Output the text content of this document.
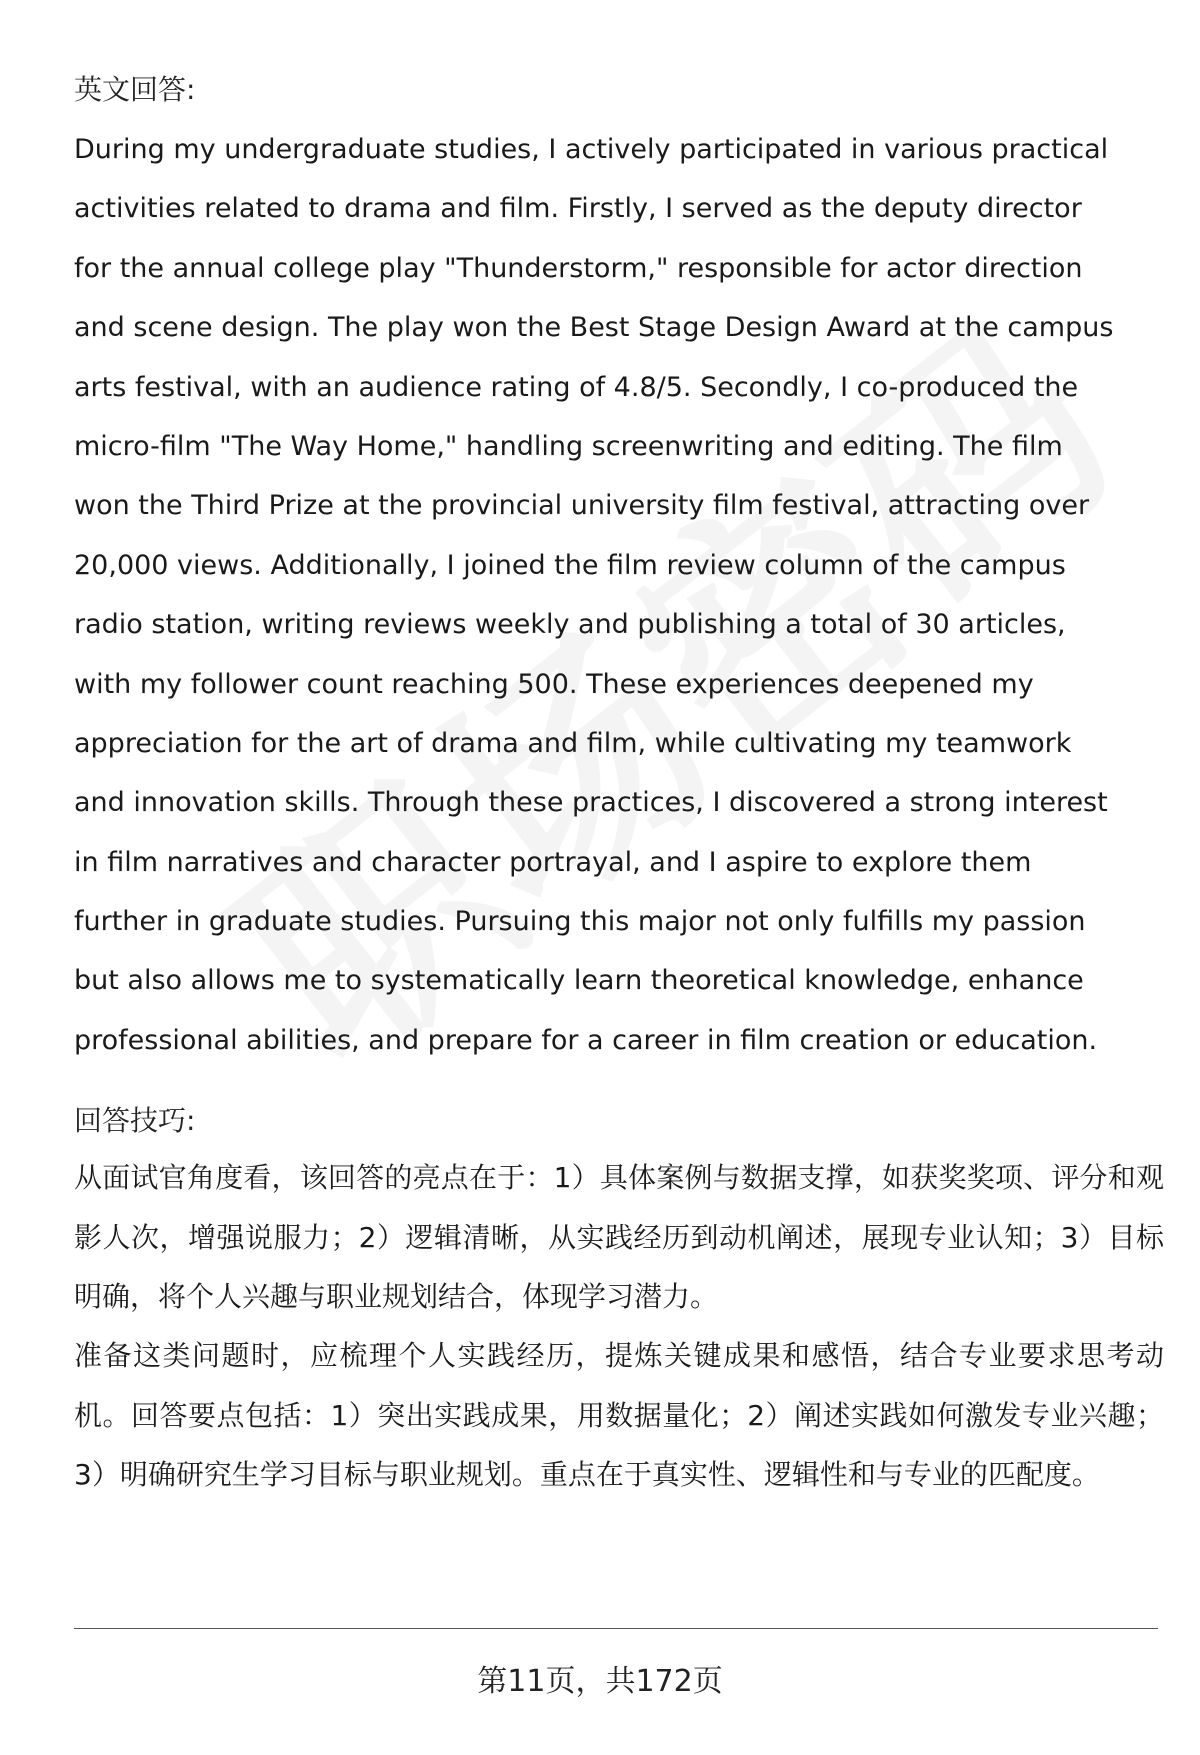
英文回答:
During my undergraduate studies, I actively participated in various practical
activities related to drama and film. Firstly, I served as the deputy director
for the annual college play "Thunderstorm," responsible for actor direction
and scene design. The play won the Best Stage Design Award at the campus
arts festival, with an audience rating of 4.8/5. Secondly, I co-produced the
micro-film "The Way Home," handling screenwriting and editing. The film
won the Third Prize at the provincial university film festival, attracting over
20,000 views. Additionally, I joined the film review column of the campus
radio station, writing reviews weekly and publishing a total of 30 articles,
with my follower count reaching 500. These experiences deepened my
appreciation for the art of drama and film, while cultivating my teamwork
and innovation skills. Through these practices, I discovered a strong interest
in film narratives and character portrayal, and I aspire to explore them
further in graduate studies. Pursuing this major not only fulfills my passion
but also allows me to systematically learn theoretical knowledge, enhance
professional abilities, and prepare for a career in film creation or education.
回答技巧:

从面试官角度看，该回答的亮点在于：1）具体案例与数据支撑，如获奖奖项、评分和观影人次，增强说服力；2）逻辑清晰，从实践经历到动机阐述，展现专业认知；3）目标明确，将个人兴趣与职业规划结合，体现学习潜力。

准备这类问题时，应梳理个人实践经历，提炼关键成果和感悟，结合专业要求思考动机。回答要点包括：1）突出实践成果，用数据量化；2）阐述实践如何激发专业兴趣；3）明确研究生学习目标与职业规划。重点在于真实性、逻辑性和与专业的匹配度。

第11页，共172页
